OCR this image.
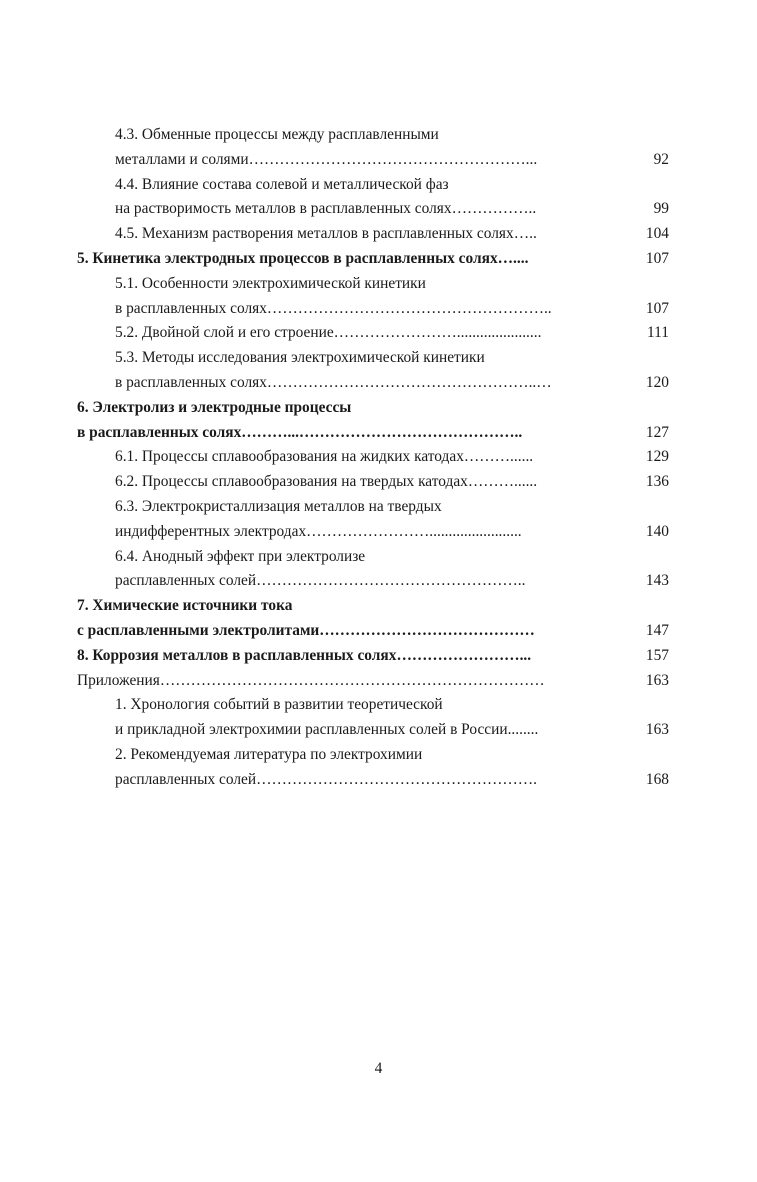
4.3. Обменные процессы между расплавленными
металлами и солями………………………………………………...	92
4.4. Влияние состава солевой и металлической фаз
на растворимость металлов в расплавленных солях……………..	99
4.5. Механизм растворения металлов в расплавленных солях…..	104
5. Кинетика электродных процессов в расплавленных солях…....	107
5.1. Особенности электрохимической кинетики
в расплавленных солях………………………………………………..	107
5.2. Двойной слой и его строение……………………......................	111
5.3. Методы исследования электрохимической кинетики
в расплавленных солях……………………………………………..…	120
6. Электролиз и электродные процессы
в расплавленных солях………...……………………………………..	127
6.1. Процессы сплавообразования на жидких катодах………......	129
6.2. Процессы сплавообразования на твердых катодах………......	136
6.3. Электрокристаллизация металлов на твердых
индифферентных электродах……………………........................	140
6.4. Анодный эффект при электролизе
расплавленных солей……………………………………………..	143
7. Химические источники тока
с расплавленными электролитами……………………………………	147
8. Коррозия металлов в расплавленных солях……………………...	157
Приложения…………………………………………………………………	163
1. Хронология событий в развитии теоретической
и прикладной электрохимии расплавленных солей в России........	163
2. Рекомендуемая литература по электрохимии
расплавленных солей……………………………………………….	168
4
